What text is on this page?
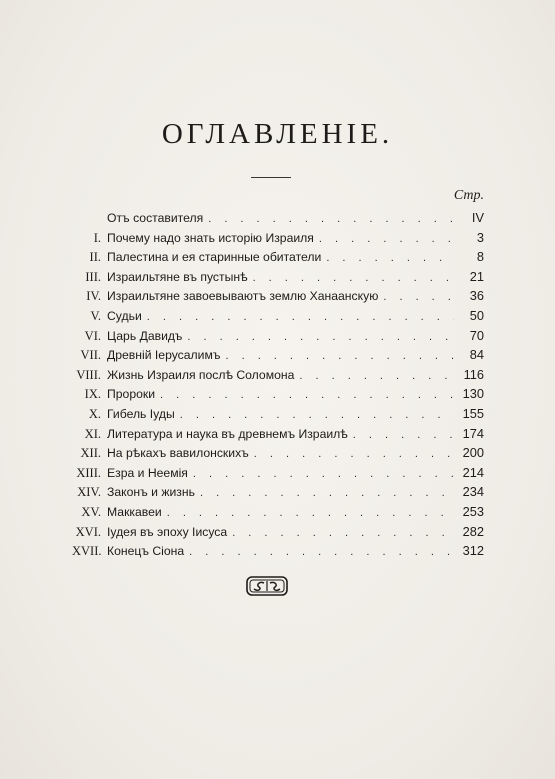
ОГЛАВЛЕНІЕ.
Стр.
Отъ составителя . . .	IV
I. Почему надо знать исторію Израиля . . .	3
II. Палестина и ея старинные обитатели . . .	8
III. Израильтяне въ пустынѣ . . .	21
IV. Израильтяне завоевываютъ землю Ханаанскую . . .	36
V. Судьи . . .	50
VI. Царь Давидъ . . .	70
VII. Древній Іерусалимъ . . .	84
VIII. Жизнь Израиля послѣ Соломона . . .	116
IX. Пророки . . .	130
X. Гибель Іуды . . .	155
XI. Литература и наука въ древнемъ Израилѣ . . .	174
XII. На рѣкахъ вавилонскихъ . . .	200
XIII. Езра и Неемія . . .	214
XIV. Законъ и жизнь . . .	234
XV. Маккавеи . . .	253
XVI. Іудея въ эпоху Іисуса . . .	282
XVII. Конецъ Сіона . . .	312
